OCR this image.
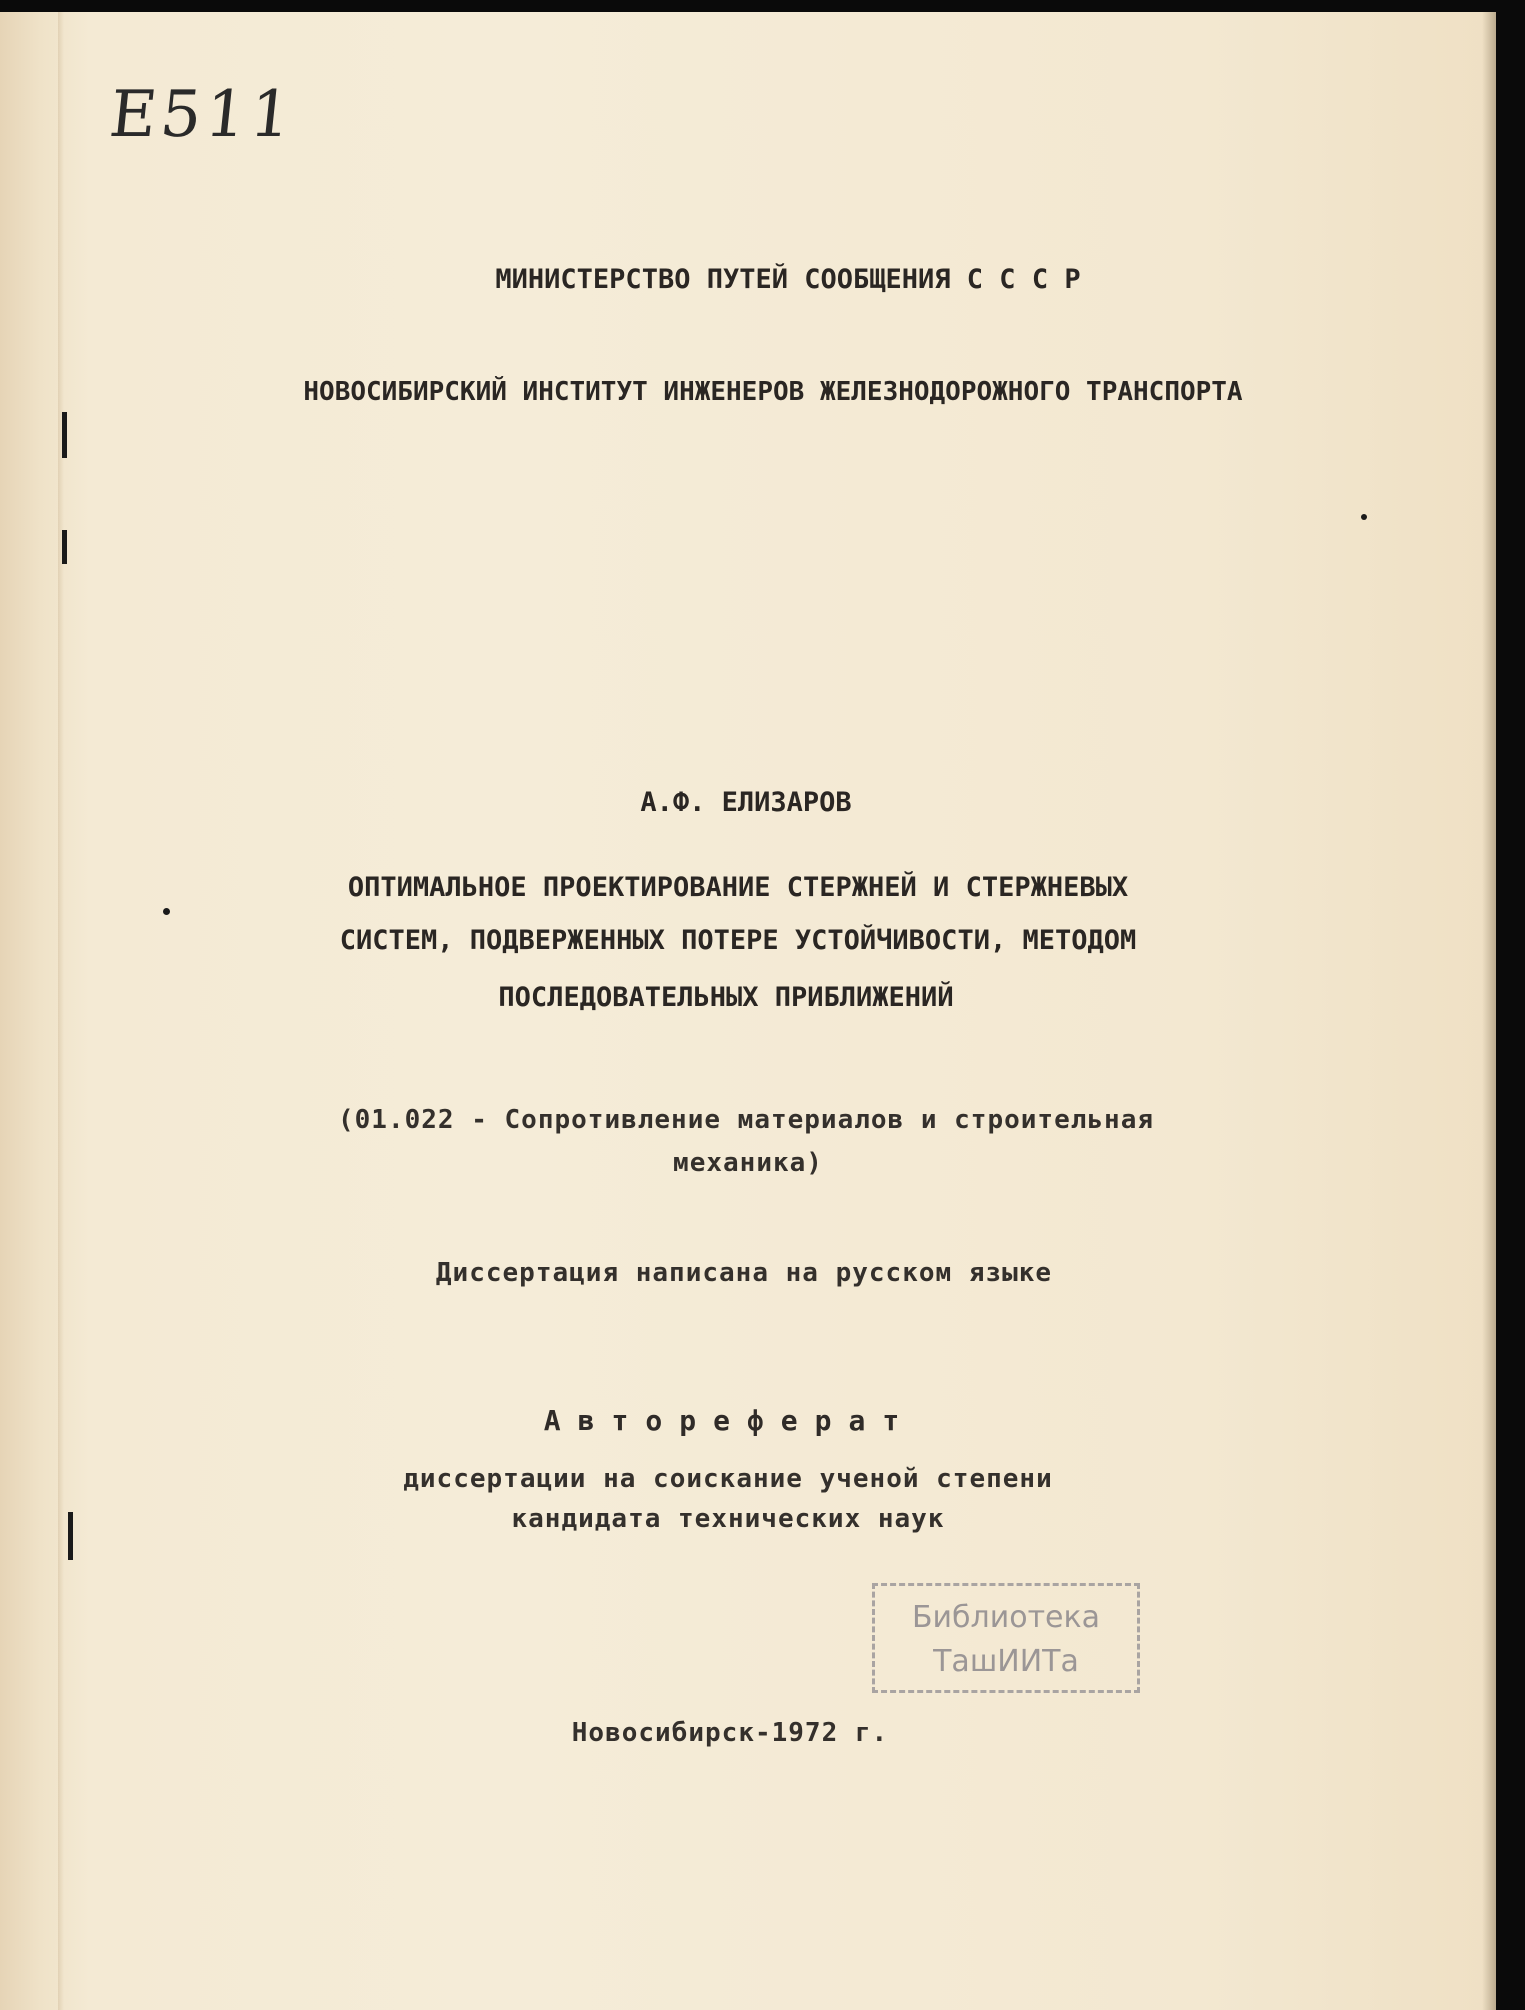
E511
МИНИСТЕРСТВО ПУТЕЙ СООБЩЕНИЯ С С С Р
НОВОСИБИРСКИЙ ИНСТИТУТ ИНЖЕНЕРОВ ЖЕЛЕЗНОДОРОЖНОГО ТРАНСПОРТА
А.Ф. ЕЛИЗАРОВ
ОПТИМАЛЬНОЕ ПРОЕКТИРОВАНИЕ СТЕРЖНЕЙ И СТЕРЖНЕВЫХ
СИСТЕМ, ПОДВЕРЖЕННЫХ ПОТЕРЕ УСТОЙЧИВОСТИ, МЕТОДОМ
ПОСЛЕДОВАТЕЛЬНЫХ ПРИБЛИЖЕНИЙ
(01.022 - Сопротивление материалов и строительная
механика)
Диссертация написана на русском языке
Автореферат
диссертации на соискание ученой степени
кандидата технических наук
Библиотека
ТашИИТа
Новосибирск-1972 г.
